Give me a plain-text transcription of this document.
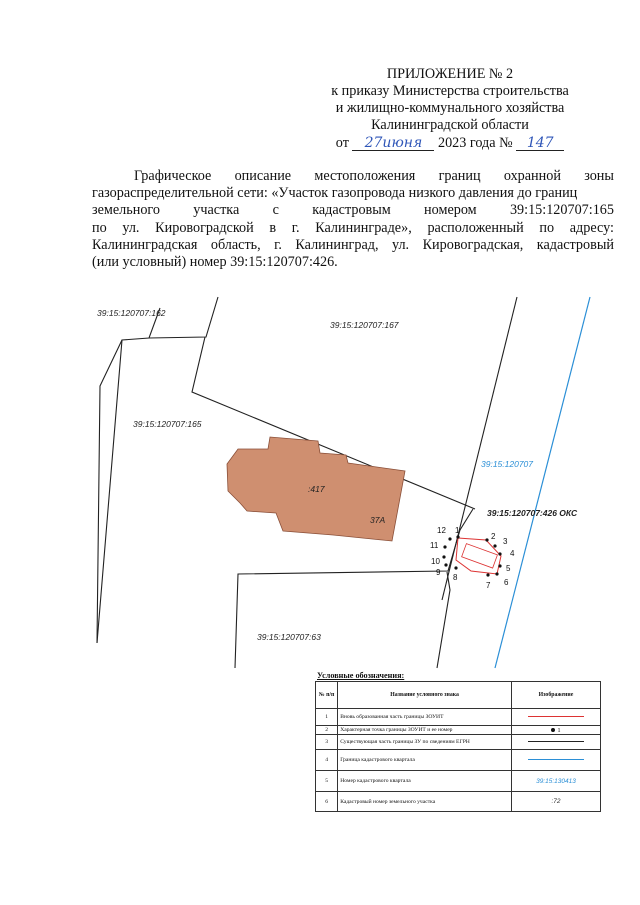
ПРИЛОЖЕНИЕ № 2
к приказу Министерства строительства
и жилищно-коммунального хозяйства
Калининградской области
от 27июня 2023 года № 147
Графическое описание местоположения границ охранной зоны
газораспределительной сети: «Участок газопровода низкого давления до границ
земельного участка с кадастровым номером 39:15:120707:165
по ул. Кировоградской в г. Калининграде», расположенный по адресу:
Калининградская область, г. Калининград, ул. Кировоградская, кадастровый
(или условный) номер 39:15:120707:426.
39:15:120707:162
39:15:120707:167
39:15:120707:165
39:15:120707:63
39:15:120707
39:15:120707:426 ОКС
:417
37А
12 1
2
3
4
5
6
7
8
9
10
11
Условные обозначения:
№ п/п	Название условного знака	Изображение
1	Вновь образованная часть границы ЗОУИТ	
2	Характерная точка границы ЗОУИТ и ее номер	1
3	Существующая часть границы ЗУ по сведениям ЕГРН	
4	Граница кадастрового квартала	
5	Номер кадастрового квартала	39:15:130413
6	Кадастровый номер земельного участка	:72
